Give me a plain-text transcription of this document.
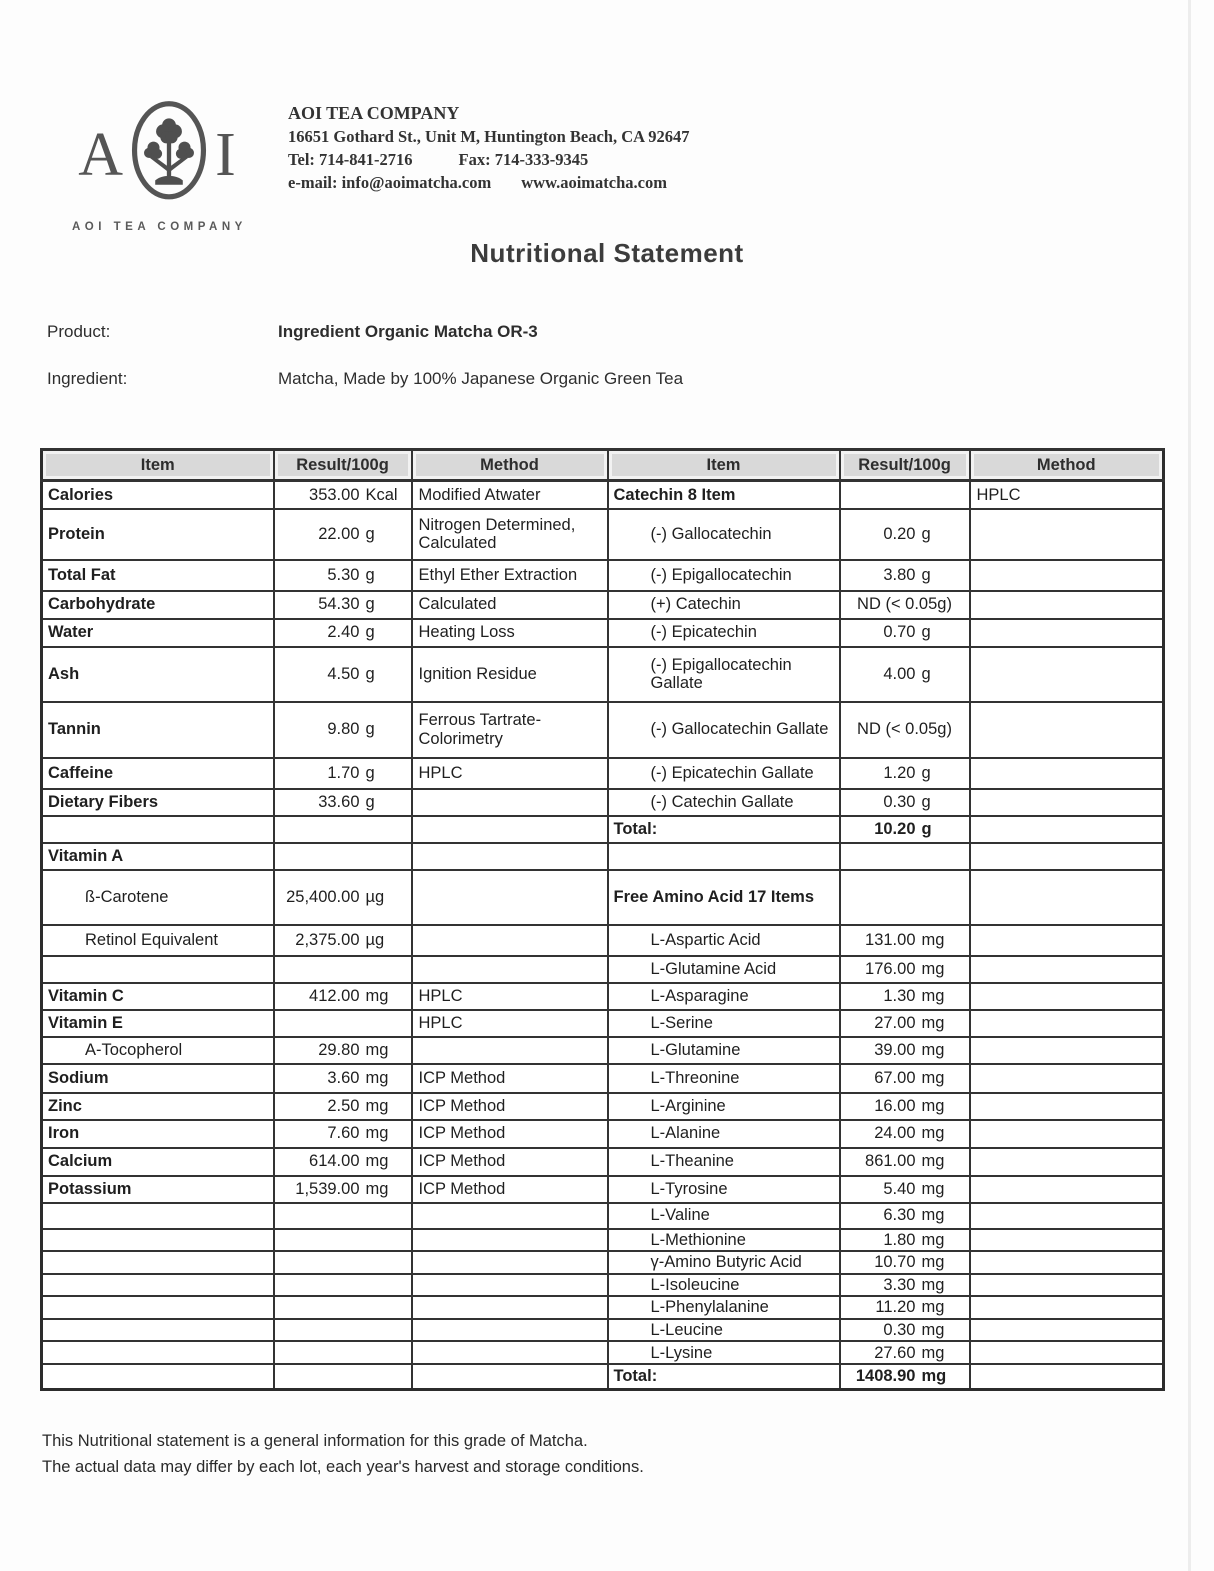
A I
AOI TEA COMPANY
AOI TEA COMPANY
16651 Gothard St., Unit M, Huntington Beach, CA 92647
Tel: 714-841-2716	Fax: 714-333-9345
e-mail: info@aoimatcha.com www.aoimatcha.com
Nutritional Statement
Product:	Ingredient Organic Matcha OR-3
Ingredient:	Matcha, Made by 100% Japanese Organic Green Tea
Item	Result/100g	Method	Item	Result/100g	Method
Calories	353.00 Kcal	Modified Atwater	Catechin 8 Item		HPLC
Protein	22.00 g	Nitrogen Determined, Calculated	(-) Gallocatechin	0.20 g	

Total Fat	5.30 g	Ethyl Ether Extraction	(-) Epigallocatechin	3.80 g	

Carbohydrate	54.30 g	Calculated	(+) Catechin	ND (< 0.05g)	

Water	2.40 g	Heating Loss	(-) Epicatechin	0.70 g	

Ash	4.50 g	Ignition Residue	(-) Epigallocatechin Gallate	4.00 g	

Tannin	9.80 g	Ferrous Tartrate-Colorimetry	(-) Gallocatechin Gallate	ND (< 0.05g)	

Caffeine	1.70 g	HPLC	(-) Epicatechin Gallate	1.20 g	

Dietary Fibers	33.60 g		(-) Catechin Gallate	0.30 g	

			Total:	10.20 g	

Vitamin A					
ß-Carotene	25,400.00 µg		Free Amino Acid 17 Items		
Retinol Equivalent	2,375.00 µg		L-Aspartic Acid	131.00 mg	

			L-Glutamine Acid	176.00 mg	

Vitamin C	412.00 mg	HPLC	L-Asparagine	1.30 mg	

Vitamin E		HPLC	L-Serine	27.00 mg	

A-Tocopherol	29.80 mg		L-Glutamine	39.00 mg	

Sodium	3.60 mg	ICP Method	L-Threonine	67.00 mg	

Zinc	2.50 mg	ICP Method	L-Arginine	16.00 mg	

Iron	7.60 mg	ICP Method	L-Alanine	24.00 mg	

Calcium	614.00 mg	ICP Method	L-Theanine	861.00 mg	

Potassium	1,539.00 mg	ICP Method	L-Tyrosine	5.40 mg	

			L-Valine	6.30 mg	

			L-Methionine	1.80 mg	

			γ-Amino Butyric Acid	10.70 mg	

			L-Isoleucine	3.30 mg	

			L-Phenylalanine	11.20 mg	

			L-Leucine	0.30 mg	

			L-Lysine	27.60 mg	

			Total:	1408.90 mg	

This Nutritional statement is a general information for this grade of Matcha.
The actual data may differ by each lot, each year's harvest and storage conditions.
